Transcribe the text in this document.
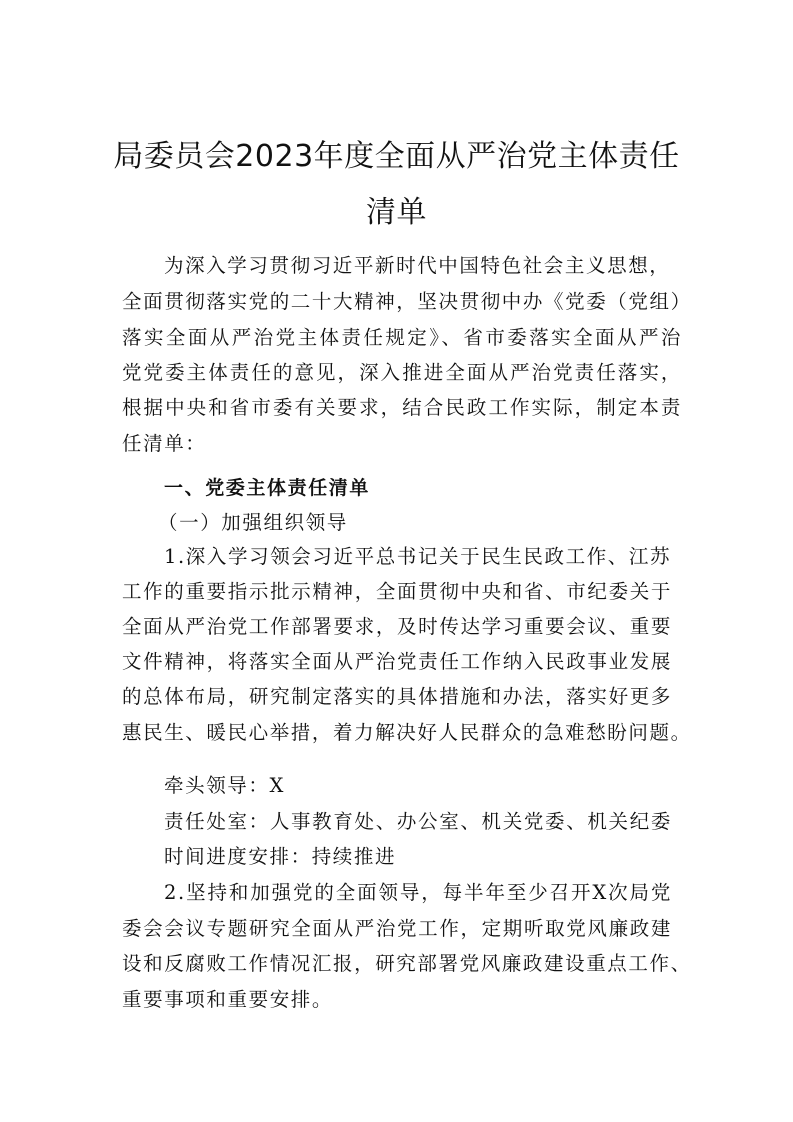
局委员会2023年度全面从严治党主体责任
清单
为深入学习贯彻习近平新时代中国特色社会主义思想，
全面贯彻落实党的二十大精神，坚决贯彻中办《党委（党组）
落实全面从严治党主体责任规定》、省市委落实全面从严治
党党委主体责任的意见，深入推进全面从严治党责任落实，
根据中央和省市委有关要求，结合民政工作实际，制定本责
任清单：
一、党委主体责任清单
（一）加强组织领导
1.深入学习领会习近平总书记关于民生民政工作、江苏
工作的重要指示批示精神，全面贯彻中央和省、市纪委关于
全面从严治党工作部署要求，及时传达学习重要会议、重要
文件精神，将落实全面从严治党责任工作纳入民政事业发展
的总体布局，研究制定落实的具体措施和办法，落实好更多
惠民生、暖民心举措，着力解决好人民群众的急难愁盼问题。
牵头领导：X
责任处室：人事教育处、办公室、机关党委、机关纪委
时间进度安排：持续推进
2.坚持和加强党的全面领导，每半年至少召开X次局党
委会会议专题研究全面从严治党工作，定期听取党风廉政建
设和反腐败工作情况汇报，研究部署党风廉政建设重点工作、
重要事项和重要安排。
